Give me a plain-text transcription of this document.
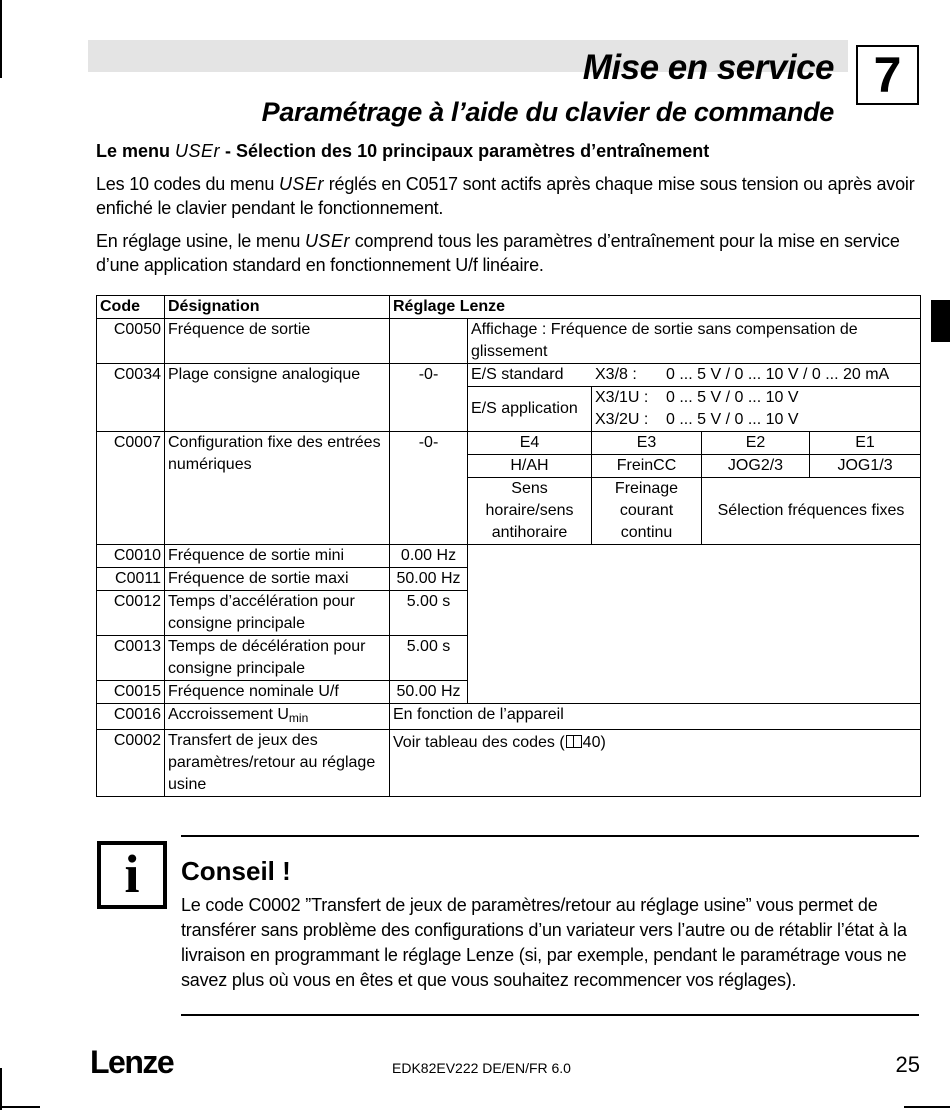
Mise en service 7
Paramétrage à l’aide du clavier de commande
Le menu USEr - Sélection des 10 principaux paramètres d’entraînement
Les 10 codes du menu USEr réglés en C0517 sont actifs après chaque mise sous tension ou après avoir enfiché le clavier pendant le fonctionnement.
En réglage usine, le menu USEr comprend tous les paramètres d’entraînement pour la mise en service d’une application standard en fonctionnement U/f linéaire.
Code	Désignation	Réglage Lenze				
C0050	Fréquence de sortie		Affichage : Fréquence de sortie sans compensation de glissement			
C0034	Plage consigne analogique	-0-	E/S standard X3/8 : 0 ... 5 V / 0 ... 10 V / 0 ... 20 mA			
			E/S application	X3/1U : 0 ... 5 V / 0 ... 10 V
X3/2U : 0 ... 5 V / 0 ... 10 V		

C0007	Configuration fixe des entrées numériques	-0-	E4	E3	E2	E1
			H/AH	FreinCC	JOG2/3	JOG1/3
			Sens horaire/sens antihoraire	Freinage courant continu	Sélection fréquences fixes	
C0010	Fréquence de sortie mini	0.00 Hz				
C0011	Fréquence de sortie maxi	50.00 Hz				
C0012	Temps d’accélération pour consigne principale	5.00 s				
C0013	Temps de décélération pour consigne principale	5.00 s				
C0015	Fréquence nominale U/f	50.00 Hz				
C0016	Accroissement $U_{min}$	En fonction de l’appareil				
C0002	Transfert de jeux des paramètres/retour au réglage usine	Voir tableau des codes ( 40)				
i	Conseil !
Le code C0002 ”Transfert de jeux de paramètres/retour au réglage usine” vous permet de transférer sans problème des configurations d’un variateur vers l’autre ou de rétablir l’état à la livraison en programmant le réglage Lenze (si, par exemple, pendant le paramétrage vous ne savez plus où vous en êtes et que vous souhaitez recommencer vos réglages).
Lenze	EDK82EV222 DE/EN/FR 6.0	25
